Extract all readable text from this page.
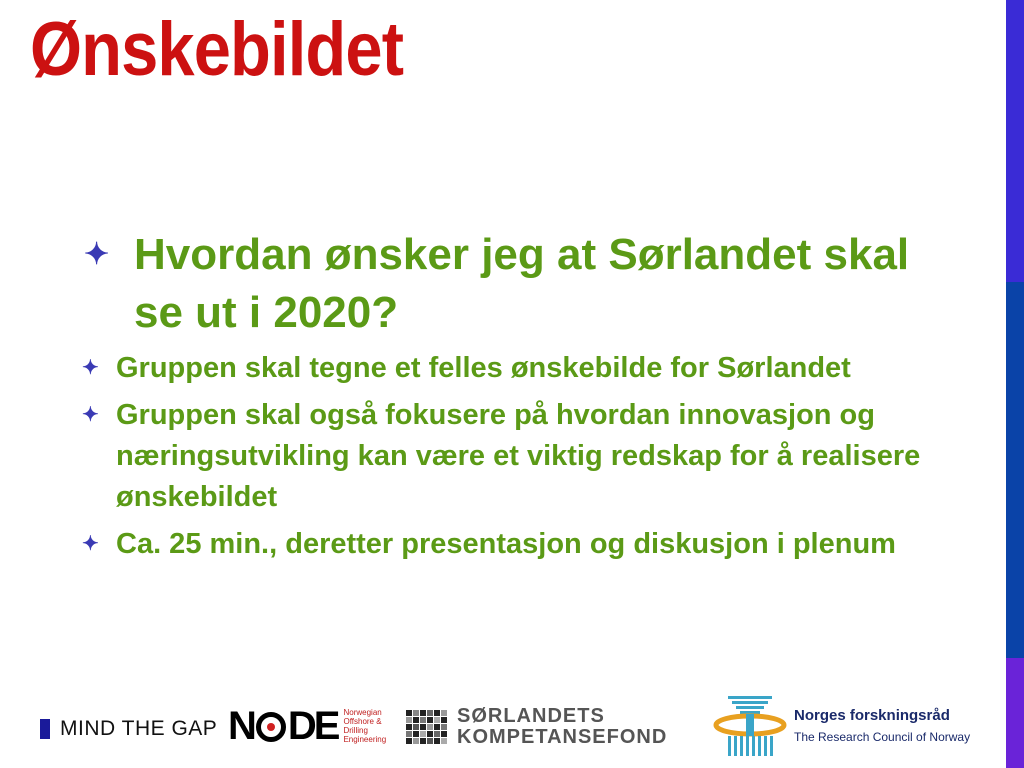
Ønskebildet
✦ Hvordan ønsker jeg at Sørlandet skal se ut i 2020?
✦ Gruppen skal tegne et felles ønskebilde for Sørlandet
✦ Gruppen skal også fokusere på hvordan innovasjon og næringsutvikling kan være et viktig redskap for å realisere ønskebildet
✦ Ca. 25 min., deretter presentasjon og diskusjon i plenum
MIND THE GAP N DE Norwegian Offshore & Drilling Engineering
SØRLANDETS
KOMPETANSEFOND
Norges forskningsråd
The Research Council of Norway
